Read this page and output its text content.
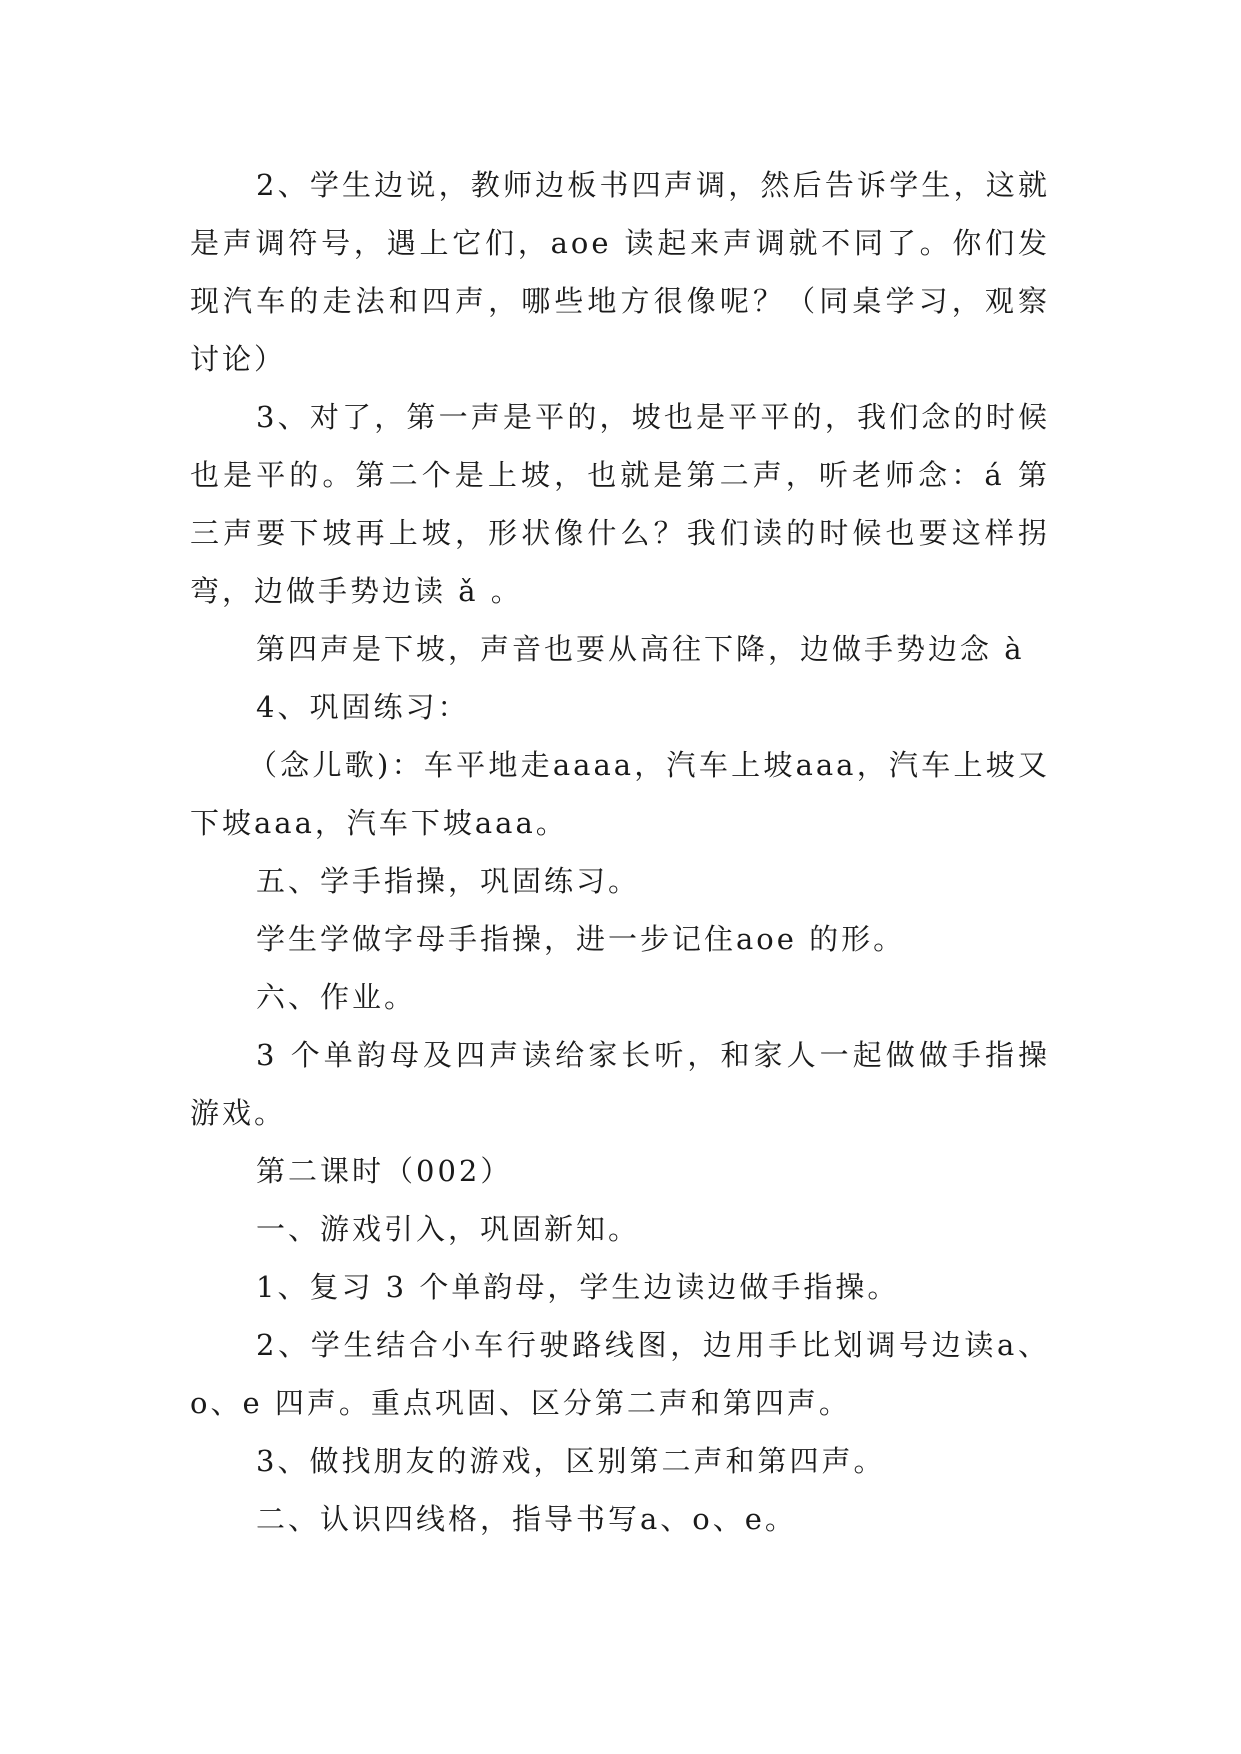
2、学生边说，教师边板书四声调，然后告诉学生，这就是声调符号，遇上它们，aoe 读起来声调就不同了。你们发现汽车的走法和四声，哪些地方很像呢？（同桌学习，观察讨论）

3、对了，第一声是平的，坡也是平平的，我们念的时候也是平的。第二个是上坡，也就是第二声，听老师念：á 第三声要下坡再上坡，形状像什么？我们读的时候也要这样拐弯，边做手势边读 ǎ 。

第四声是下坡，声音也要从高往下降，边做手势边念 à

4、巩固练习：

（念儿歌)：车平地走aaaa，汽车上坡aaa，汽车上坡又下坡aaa，汽车下坡aaa。

五、学手指操，巩固练习。

学生学做字母手指操，进一步记住aoe 的形。

六、作业。

3 个单韵母及四声读给家长听，和家人一起做做手指操游戏。

第二课时（002）

一、游戏引入，巩固新知。

1、复习 3 个单韵母，学生边读边做手指操。

2、学生结合小车行驶路线图，边用手比划调号边读a、o、e 四声。重点巩固、区分第二声和第四声。

3、做找朋友的游戏，区别第二声和第四声。

二、认识四线格，指导书写a、o、e。
